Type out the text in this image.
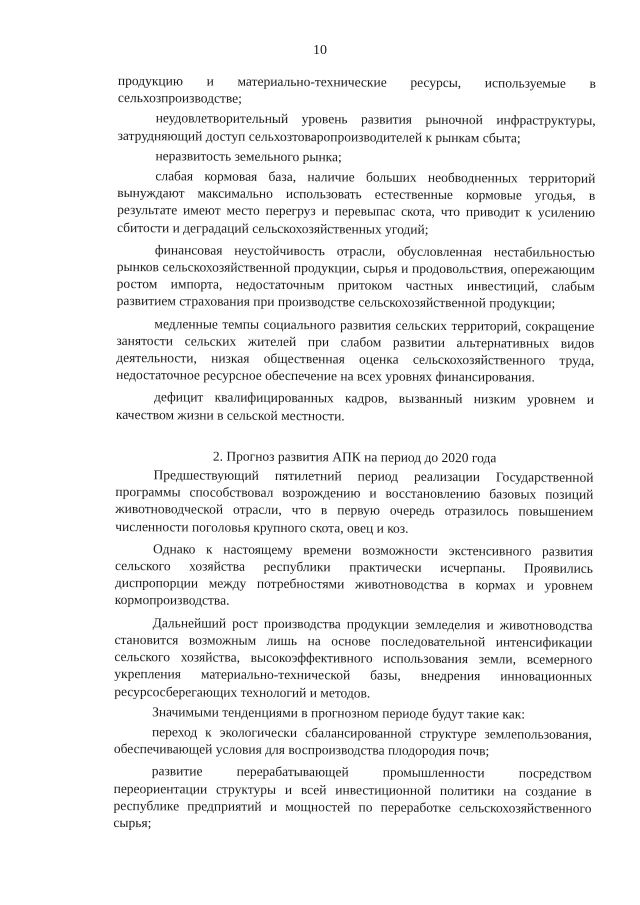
10

продукцию и материально-технические ресурсы, используемые в сельхозпроизводстве;

неудовлетворительный уровень развития рыночной инфраструктуры, затрудняющий доступ сельхозтоваропроизводителей к рынкам сбыта;

неразвитость земельного рынка;

слабая кормовая база, наличие больших необводненных территорий вынуждают максимально использовать естественные кормовые угодья, в результате имеют место перегруз и перевыпас скота, что приводит к усилению сбитости и деградаций сельскохозяйственных угодий;

финансовая неустойчивость отрасли, обусловленная нестабильностью рынков сельскохозяйственной продукции, сырья и продовольствия, опережающим ростом импорта, недостаточным притоком частных инвестиций, слабым развитием страхования при производстве сельскохозяйственной продукции;

медленные темпы социального развития сельских территорий, сокращение занятости сельских жителей при слабом развитии альтернативных видов деятельности, низкая общественная оценка сельскохозяйственного труда, недостаточное ресурсное обеспечение на всех уровнях финансирования.

дефицит квалифицированных кадров, вызванный низким уровнем и качеством жизни в сельской местности.

2. Прогноз развития АПК на период до 2020 года

Предшествующий пятилетний период реализации Государственной программы способствовал возрождению и восстановлению базовых позиций животноводческой отрасли, что в первую очередь отразилось повышением численности поголовья крупного скота, овец и коз.

Однако к настоящему времени возможности экстенсивного развития сельского хозяйства республики практически исчерпаны. Проявились диспропорции между потребностями животноводства в кормах и уровнем кормопроизводства.

Дальнейший рост производства продукции земледелия и животноводства становится возможным лишь на основе последовательной интенсификации сельского хозяйства, высокоэффективного использования земли, всемерного укрепления материально-технической базы, внедрения инновационных ресурсосберегающих технологий и методов.

Значимыми тенденциями в прогнозном периоде будут такие как:

переход к экологически сбалансированной структуре землепользования, обеспечивающей условия для воспроизводства плодородия почв;

развитие перерабатывающей промышленности посредством переориентации структуры и всей инвестиционной политики на создание в республике предприятий и мощностей по переработке сельскохозяйственного сырья;
